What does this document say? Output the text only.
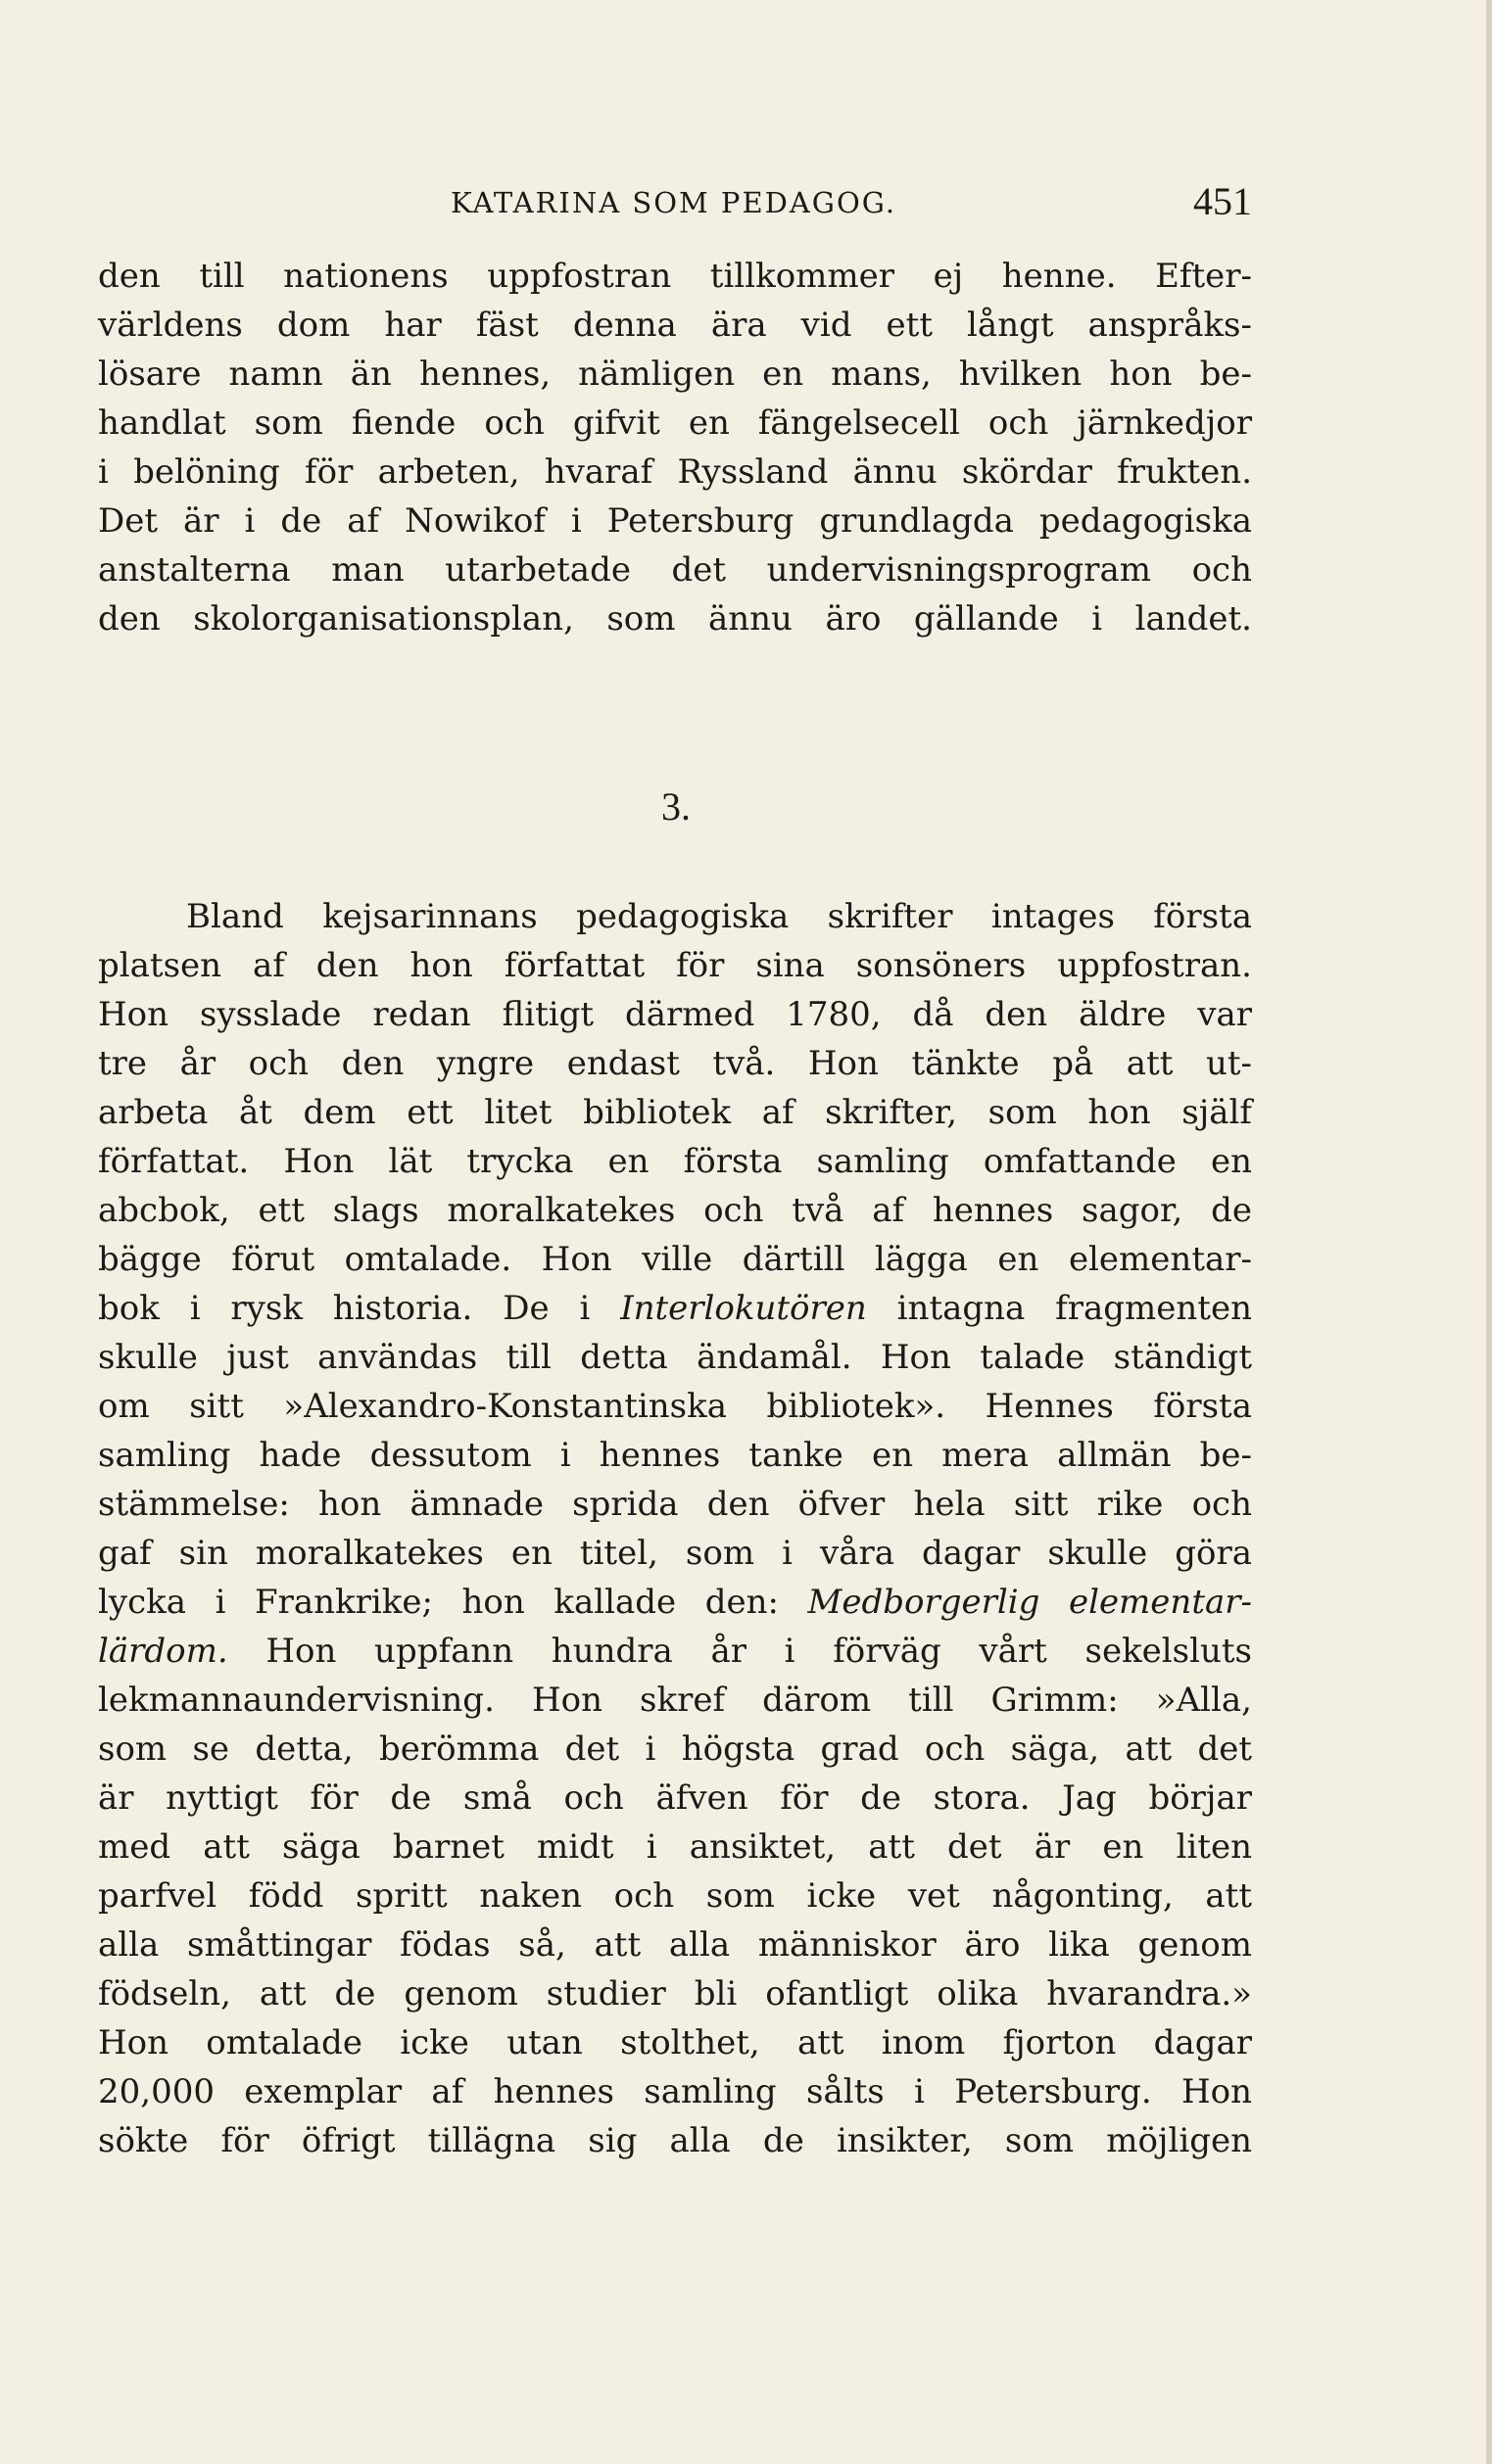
KATARINA SOM PEDAGOG.	451
den till nationens uppfostran tillkommer ej henne. Efter-
världens dom har fäst denna ära vid ett långt anspråks-
lösare namn än hennes, nämligen en mans, hvilken hon be-
handlat som fiende och gifvit en fängelsecell och järnkedjor
i belöning för arbeten, hvaraf Ryssland ännu skördar frukten.
Det är i de af Nowikof i Petersburg grundlagda pedagogiska
anstalterna man utarbetade det undervisningsprogram och
den skolorganisationsplan, som ännu äro gällande i landet.
3.
Bland kejsarinnans pedagogiska skrifter intages första
platsen af den hon författat för sina sonsöners uppfostran.
Hon sysslade redan flitigt därmed 1780, då den äldre var
tre år och den yngre endast två. Hon tänkte på att ut-
arbeta åt dem ett litet bibliotek af skrifter, som hon själf
författat. Hon lät trycka en första samling omfattande en
abcbok, ett slags moralkatekes och två af hennes sagor, de
bägge förut omtalade. Hon ville därtill lägga en elementar-
bok i rysk historia. De i Interlokutören intagna fragmenten
skulle just användas till detta ändamål. Hon talade ständigt
om sitt »Alexandro-Konstantinska bibliotek». Hennes första
samling hade dessutom i hennes tanke en mera allmän be-
stämmelse: hon ämnade sprida den öfver hela sitt rike och
gaf sin moralkatekes en titel, som i våra dagar skulle göra
lycka i Frankrike; hon kallade den: Medborgerlig elementar-
lärdom. Hon uppfann hundra år i förväg vårt sekelsluts
lekmannaundervisning. Hon skref därom till Grimm: »Alla,
som se detta, berömma det i högsta grad och säga, att det
är nyttigt för de små och äfven för de stora. Jag börjar
med att säga barnet midt i ansiktet, att det är en liten
parfvel född spritt naken och som icke vet någonting, att
alla småttingar födas så, att alla människor äro lika genom
födseln, att de genom studier bli ofantligt olika hvarandra.»
Hon omtalade icke utan stolthet, att inom fjorton dagar
20,000 exemplar af hennes samling sålts i Petersburg. Hon
sökte för öfrigt tillägna sig alla de insikter, som möjligen
